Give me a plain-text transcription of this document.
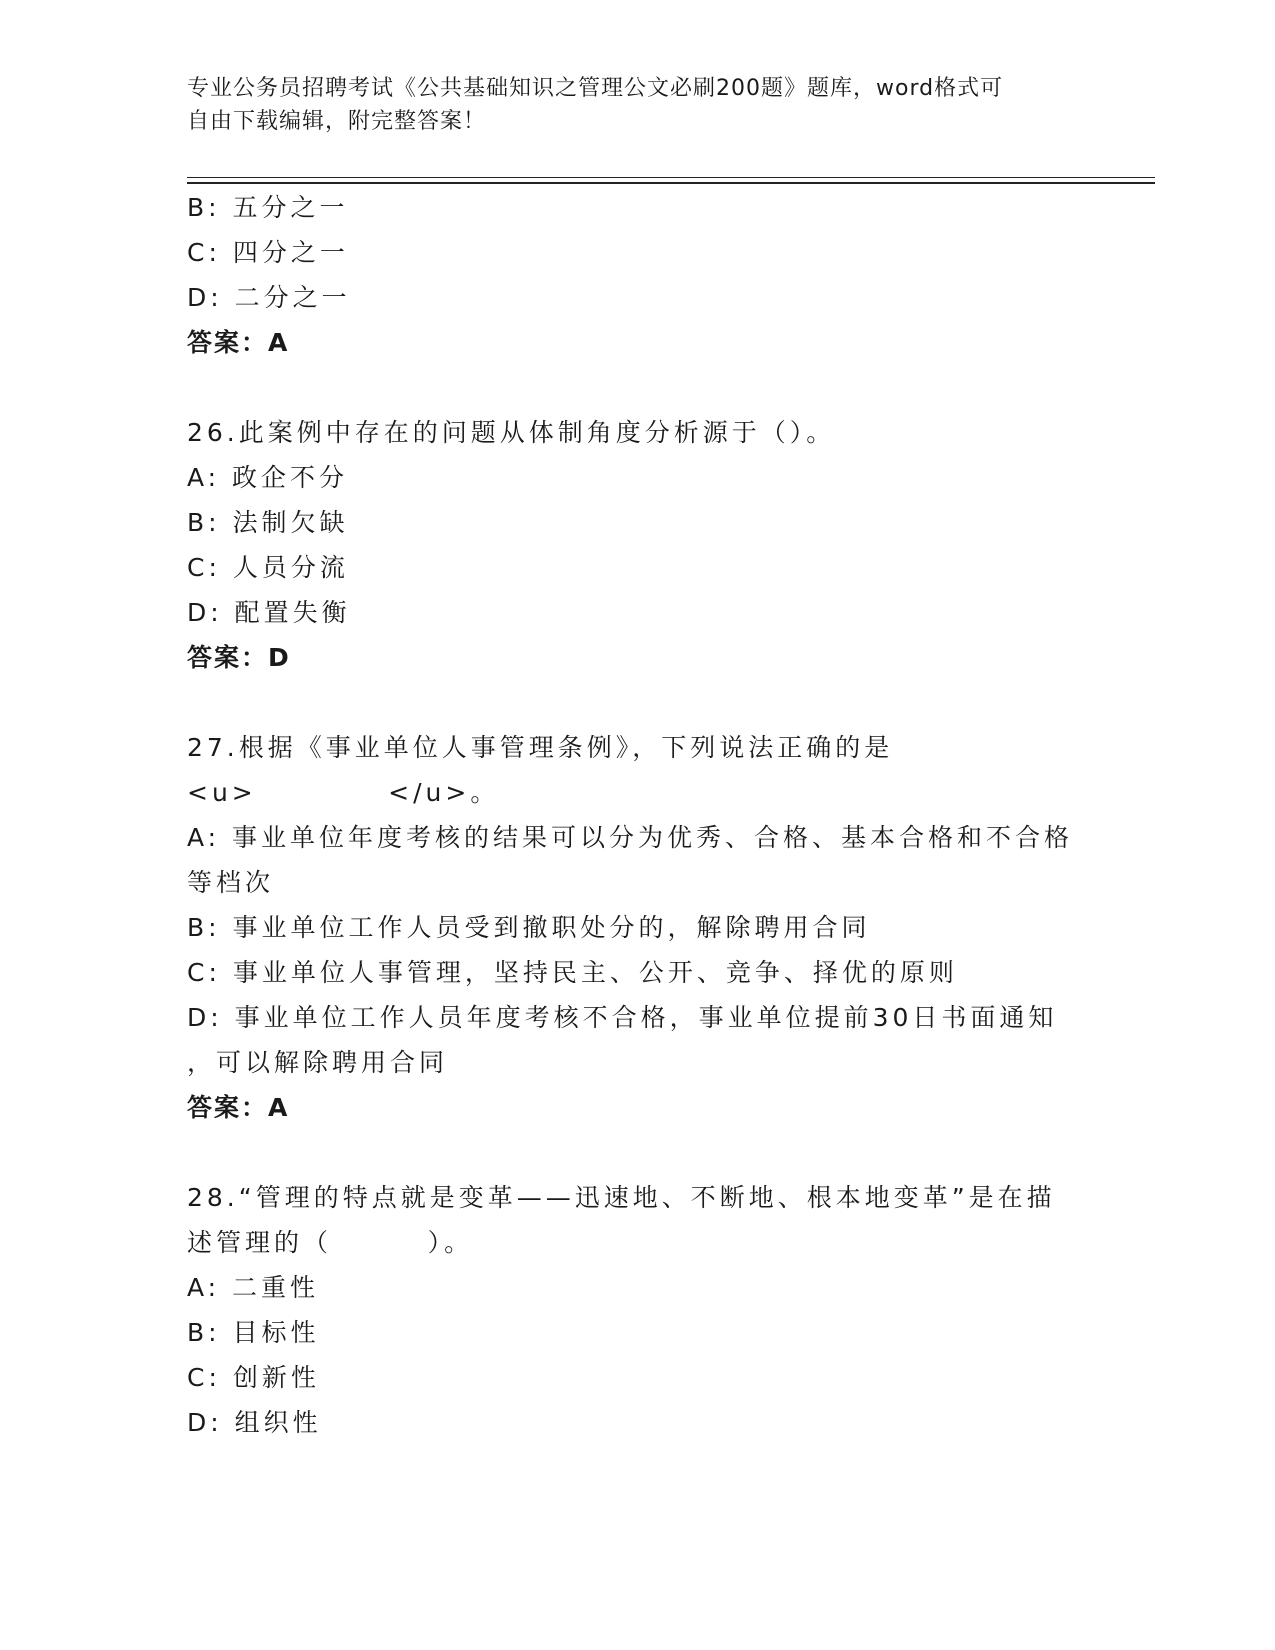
专业公务员招聘考试《公共基础知识之管理公文必刷200题》题库，word格式可
自由下载编辑，附完整答案！
B: 五分之一
C: 四分之一
D: 二分之一
答案：A
26.此案例中存在的问题从体制角度分析源于（）。
A: 政企不分
B: 法制欠缺
C: 人员分流
D: 配置失衡
答案：D
27.根据《事业单位人事管理条例》，下列说法正确的是
<u>           </u>。
A: 事业单位年度考核的结果可以分为优秀、合格、基本合格和不合格
等档次
B: 事业单位工作人员受到撤职处分的，解除聘用合同
C: 事业单位人事管理，坚持民主、公开、竞争、择优的原则
D: 事业单位工作人员年度考核不合格，事业单位提前30日书面通知
，可以解除聘用合同
答案：A
28.“管理的特点就是变革——迅速地、不断地、根本地变革”是在描
述管理的（        ）。
A: 二重性
B: 目标性
C: 创新性
D: 组织性
